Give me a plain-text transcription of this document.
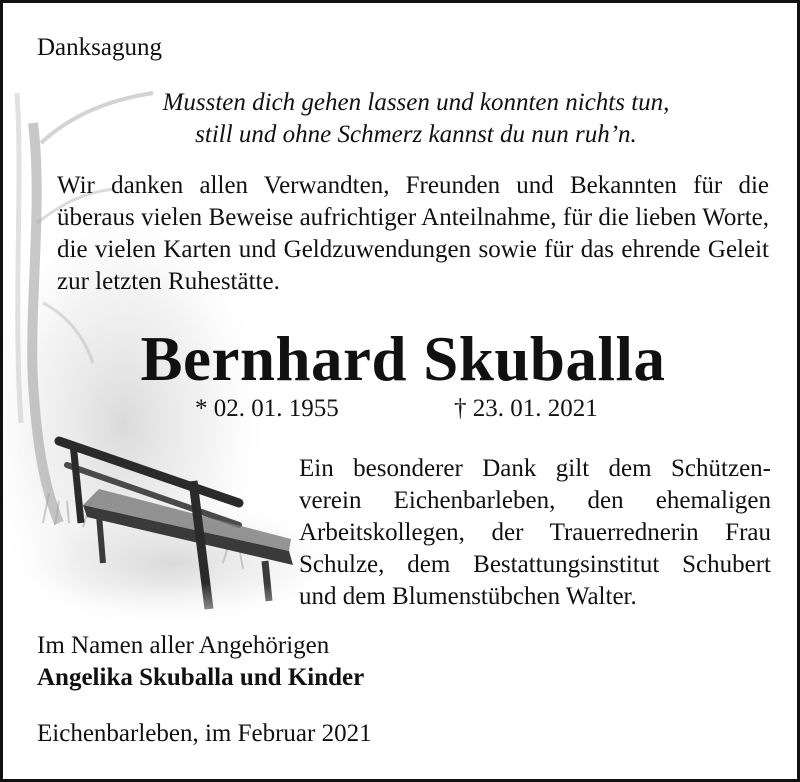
Danksagung

Mussten dich gehen lassen und konnten nichts tun,

still und ohne Schmerz kannst du nun ruh’n.

Wir danken allen Verwandten, Freunden und Bekannten für die überaus vielen Beweise aufrichtiger Anteilnahme, für die lieben Worte, die vielen Karten und Geldzuwendungen sowie für das ehrende Geleit zur letzten Ruhestätte.

Bernhard Skuballa

* 02. 01. 1955	† 23. 01. 2021

Ein besonderer Dank gilt dem Schützen-
verein Eichenbarleben, den ehemaligen
Arbeitskollegen, der Trauerrednerin Frau
Schulze, dem Bestattungsinstitut Schubert
und dem Blumenstübchen Walter.

Im Namen aller Angehörigen

Angelika Skuballa und Kinder

Eichenbarleben, im Februar 2021
